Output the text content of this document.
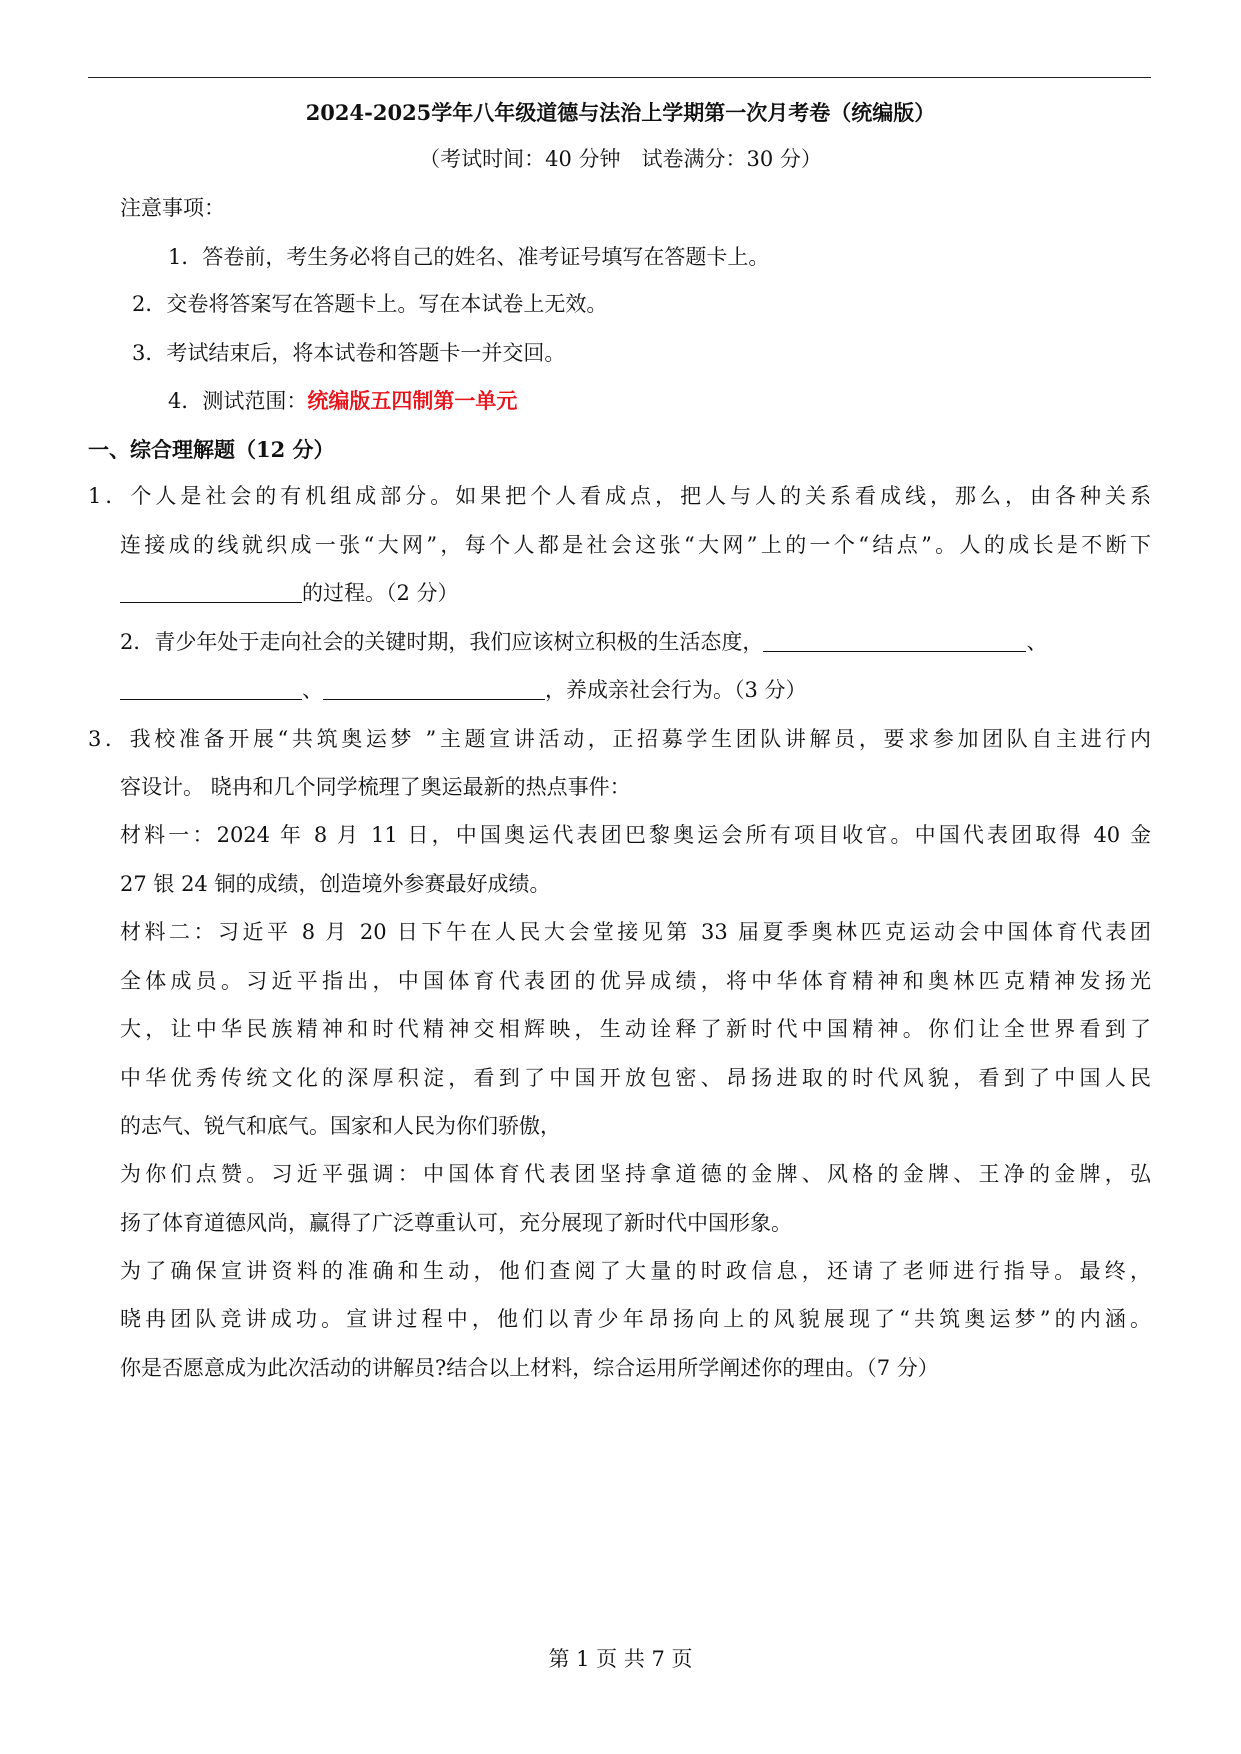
2024-2025学年八年级道德与法治上学期第一次月考卷（统编版）
（考试时间：40 分钟　试卷满分：30 分）
注意事项：
1．答卷前，考生务必将自己的姓名、准考证号填写在答题卡上。
2．交卷将答案写在答题卡上。写在本试卷上无效。
3．考试结束后，将本试卷和答题卡一并交回。
4．测试范围：统编版五四制第一单元
一、综合理解题（12 分）
1．个人是社会的有机组成部分。如果把个人看成点，把人与人的关系看成线，那么，由各种关系
连接成的线就织成一张“大网”，每个人都是社会这张“大网”上的一个“结点”。人的成长是不断下
的过程。（2 分）
2．青少年处于走向社会的关键时期，我们应该树立积极的生活态度，	、
、	，养成亲社会行为。（3 分）
3．我校准备开展“共筑奥运梦 ”主题宣讲活动，正招募学生团队讲解员，要求参加团队自主进行内
容设计。 晓冉和几个同学梳理了奥运最新的热点事件：
材料一：2024 年 8 月 11 日，中国奥运代表团巴黎奥运会所有项目收官。中国代表团取得 40 金
27 银 24 铜的成绩，创造境外参赛最好成绩。
材料二：习近平 8 月 20 日下午在人民大会堂接见第 33 届夏季奥林匹克运动会中国体育代表团
全体成员。习近平指出，中国体育代表团的优异成绩，将中华体育精神和奥林匹克精神发扬光
大，让中华民族精神和时代精神交相辉映，生动诠释了新时代中国精神。你们让全世界看到了
中华优秀传统文化的深厚积淀，看到了中国开放包密、昂扬进取的时代风貌，看到了中国人民
的志气、锐气和底气。国家和人民为你们骄傲，
为你们点赞。习近平强调：中国体育代表团坚持拿道德的金牌、风格的金牌、王净的金牌，弘
扬了体育道德风尚，赢得了广泛尊重认可，充分展现了新时代中国形象。
为了确保宣讲资料的准确和生动，他们查阅了大量的时政信息，还请了老师进行指导。最终，
晓冉团队竞讲成功。宣讲过程中，他们以青少年昂扬向上的风貌展现了“共筑奥运梦”的内涵。
你是否愿意成为此次活动的讲解员?结合以上材料，综合运用所学阐述你的理由。（7 分）
第 1 页 共 7 页
